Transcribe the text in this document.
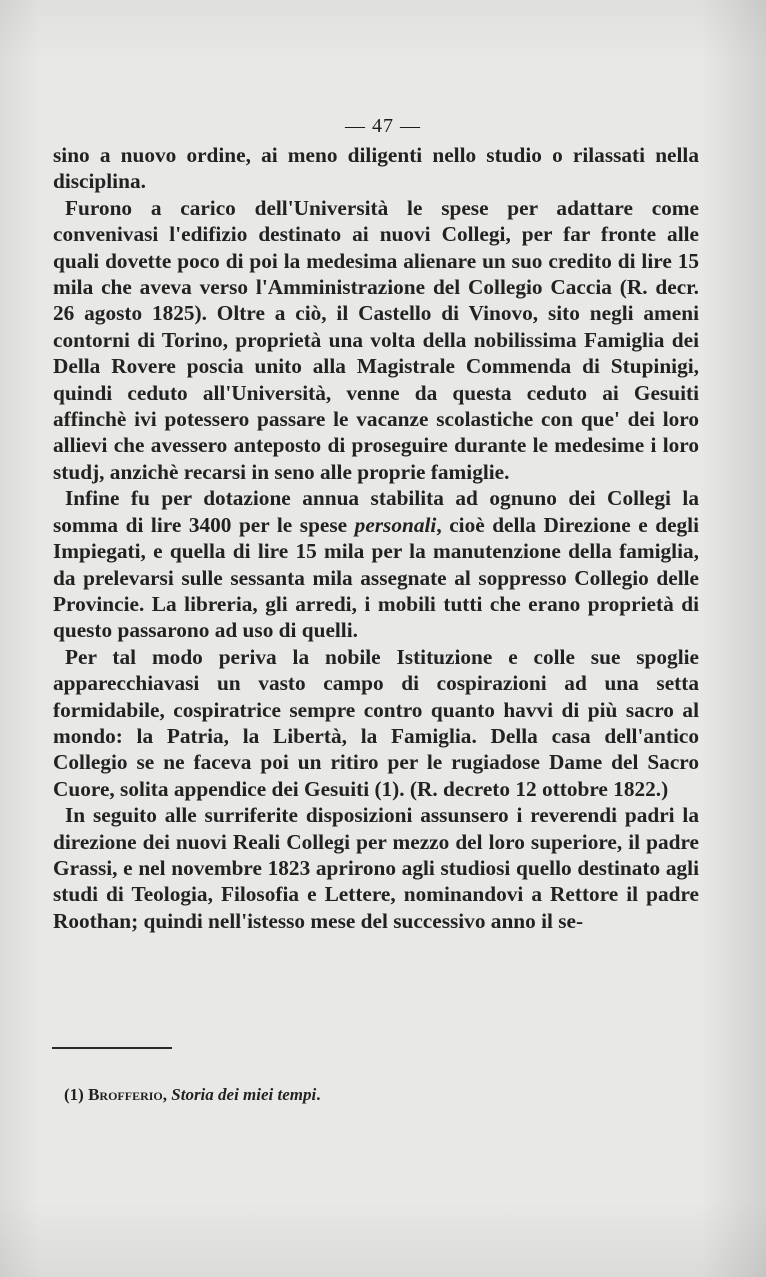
— 47 —

sino a nuovo ordine, ai meno diligenti nello studio o rilassati nella disciplina.

Furono a carico dell'Università le spese per adattare come convenivasi l'edifizio destinato ai nuovi Collegi, per far fronte alle quali dovette poco di poi la medesima alienare un suo credito di lire 15 mila che aveva verso l'Amministrazione del Collegio Caccia (R. decr. 26 agosto 1825). Oltre a ciò, il Castello di Vinovo, sito negli ameni contorni di Torino, proprietà una volta della nobilissima Famiglia dei Della Rovere poscia unito alla Magistrale Commenda di Stupinigi, quindi ceduto all'Università, venne da questa ceduto ai Gesuiti affinchè ivi potessero passare le vacanze scolastiche con que' dei loro allievi che avessero anteposto di proseguire durante le medesime i loro studj, anzichè recarsi in seno alle proprie famiglie.

Infine fu per dotazione annua stabilita ad ognuno dei Collegi la somma di lire 3400 per le spese personali, cioè della Direzione e degli Impiegati, e quella di lire 15 mila per la manutenzione della famiglia, da prelevarsi sulle sessanta mila assegnate al soppresso Collegio delle Provincie. La libreria, gli arredi, i mobili tutti che erano proprietà di questo passarono ad uso di quelli.

Per tal modo periva la nobile Istituzione e colle sue spoglie apparecchiavasi un vasto campo di cospirazioni ad una setta formidabile, cospiratrice sempre contro quanto havvi di più sacro al mondo: la Patria, la Libertà, la Famiglia. Della casa dell'antico Collegio se ne faceva poi un ritiro per le rugiadose Dame del Sacro Cuore, solita appendice dei Gesuiti (1). (R. decreto 12 ottobre 1822.)

In seguito alle surriferite disposizioni assunsero i reverendi padri la direzione dei nuovi Reali Collegi per mezzo del loro superiore, il padre Grassi, e nel novembre 1823 aprirono agli studiosi quello destinato agli studi di Teologia, Filosofia e Lettere, nominandovi a Rettore il padre Roothan; quindi nell'istesso mese del successivo anno il se-

(1) Brofferio, Storia dei miei tempi.
